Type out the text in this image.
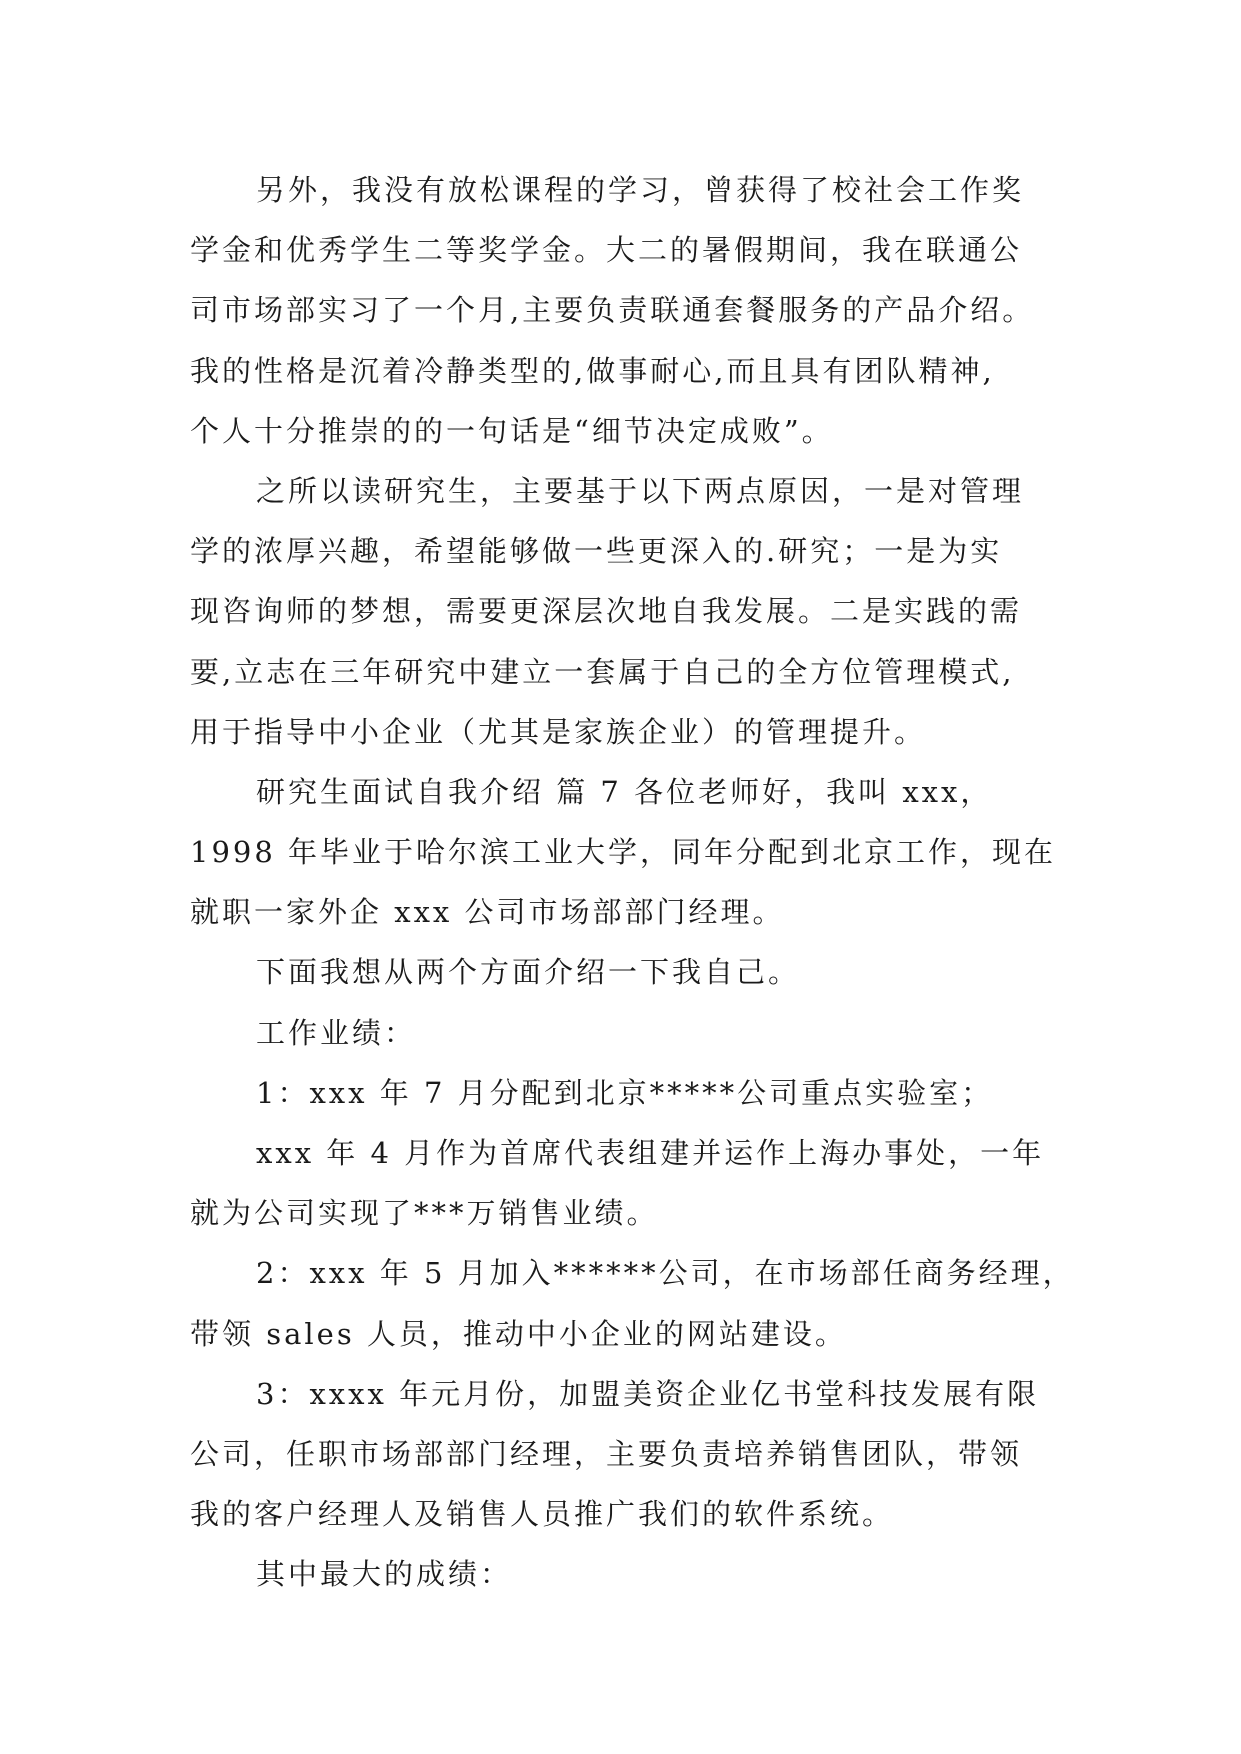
另外，我没有放松课程的学习，曾获得了校社会工作奖
学金和优秀学生二等奖学金。大二的暑假期间，我在联通公
司市场部实习了一个月,主要负责联通套餐服务的产品介绍。
我的性格是沉着冷静类型的,做事耐心,而且具有团队精神,
个人十分推崇的的一句话是“细节决定成败”。
之所以读研究生，主要基于以下两点原因，一是对管理
学的浓厚兴趣，希望能够做一些更深入的.研究；一是为实
现咨询师的梦想，需要更深层次地自我发展。二是实践的需
要,立志在三年研究中建立一套属于自己的全方位管理模式,
用于指导中小企业（尤其是家族企业）的管理提升。
研究生面试自我介绍 篇 7 各位老师好，我叫 xxx，
1998 年毕业于哈尔滨工业大学，同年分配到北京工作，现在
就职一家外企 xxx 公司市场部部门经理。
下面我想从两个方面介绍一下我自己。
工作业绩：
1：xxx 年 7 月分配到北京*****公司重点实验室；
xxx 年 4 月作为首席代表组建并运作上海办事处，一年
就为公司实现了***万销售业绩。
2：xxx 年 5 月加入******公司，在市场部任商务经理，
带领 sales 人员，推动中小企业的网站建设。
3：xxxx 年元月份，加盟美资企业亿书堂科技发展有限
公司，任职市场部部门经理，主要负责培养销售团队，带领
我的客户经理人及销售人员推广我们的软件系统。
其中最大的成绩：
